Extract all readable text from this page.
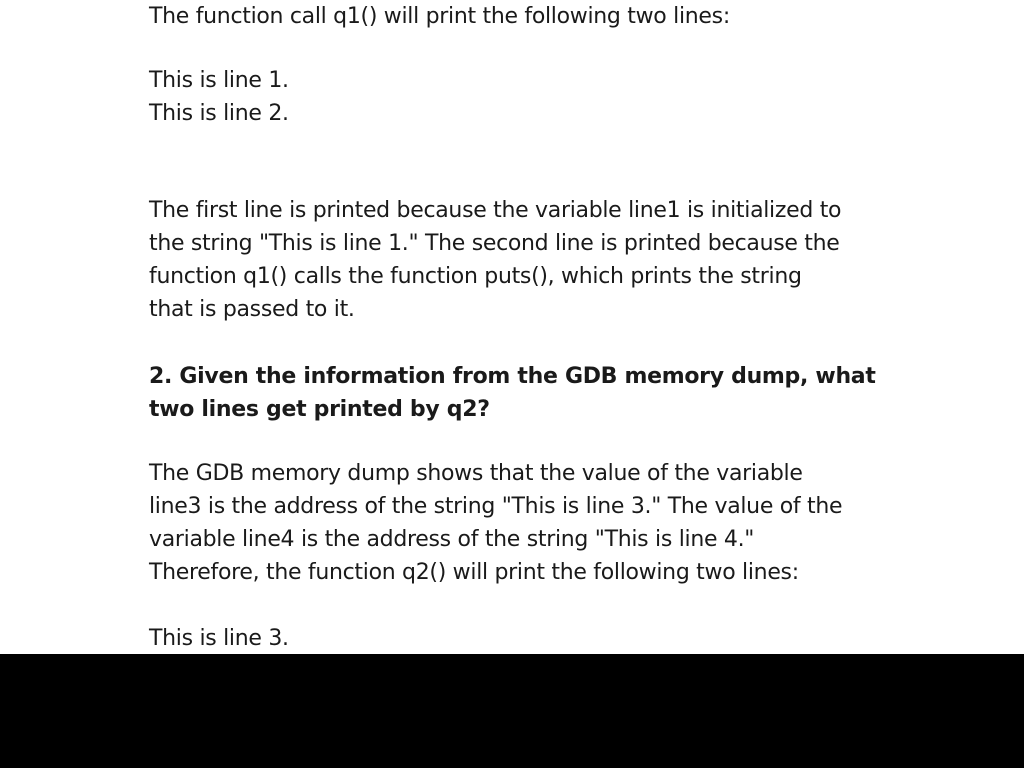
The function call q1() will print the following two lines:

This is line 1.

This is line 2.

The first line is printed because the variable line1 is initialized to

the string "This is line 1." The second line is printed because the

function q1() calls the function puts(), which prints the string

that is passed to it.

2. Given the information from the GDB memory dump, what

two lines get printed by q2?

The GDB memory dump shows that the value of the variable

line3 is the address of the string "This is line 3." The value of the

variable line4 is the address of the string "This is line 4."

Therefore, the function q2() will print the following two lines:

This is line 3.
